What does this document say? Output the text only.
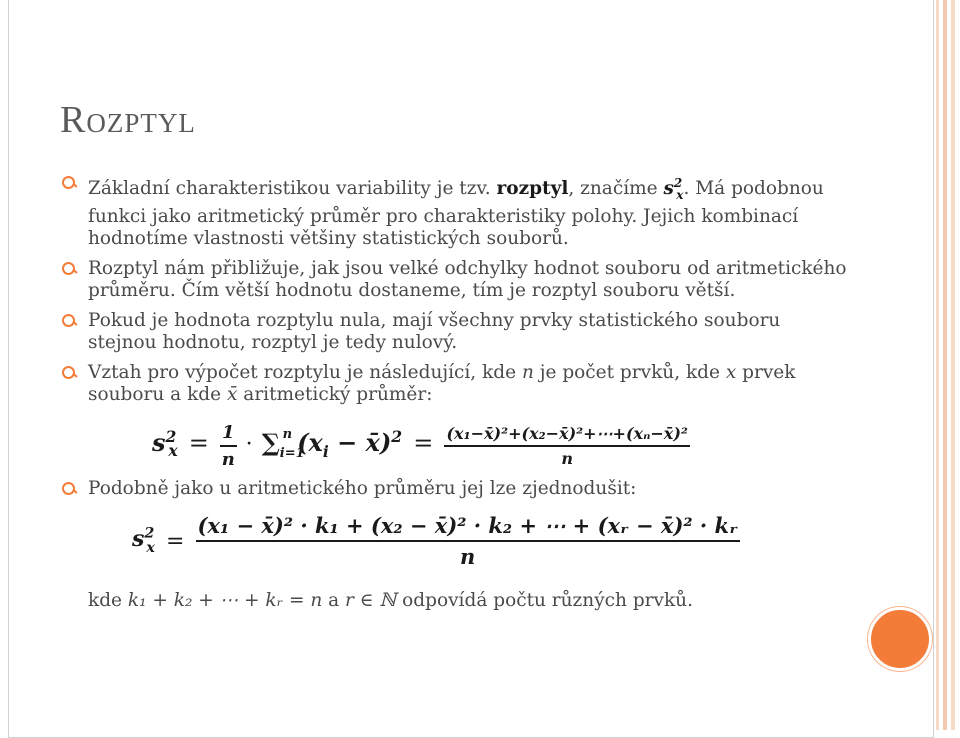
Rozptyl
Základní charakteristikou variability je tzv. rozptyl, značíme $s^2_x$. Má podobnou funkci jako aritmetický průměr pro charakteristiky polohy. Jejich kombinací hodnotíme vlastnosti většiny statistických souborů.
Rozptyl nám přibližuje, jak jsou velké odchylky hodnot souboru od aritmetického průměru. Čím větší hodnotu dostaneme, tím je rozptyl souboru větší.
Pokud je hodnota rozptylu nula, mají všechny prvky statistického souboru stejnou hodnotu, rozptyl je tedy nulový.
Vztah pro výpočet rozptylu je následující, kde n je počet prvků, kde x prvek souboru a kde x̄ aritmetický průměr:
$s^2_x = \frac{1}{n} \cdot \sum_{i=1}^n$ ($x_i$ − x̄)$^2$ = $\frac{\text{(x₁−x̄)²+(x₂−x̄)²+⋯+(xₙ−x̄)²}}{n}$
Podobně jako u aritmetického průměru jej lze zjednodušit:
$s^2_x = \frac{\text{(x₁ − x̄)² · k₁ + (x₂ − x̄)² · k₂ + ⋯ + (xᵣ − x̄)² · kᵣ}}{n}$
kde k₁ + k₂ + ⋯ + kᵣ = n a r ∈ ℕ odpovídá počtu různých prvků.
